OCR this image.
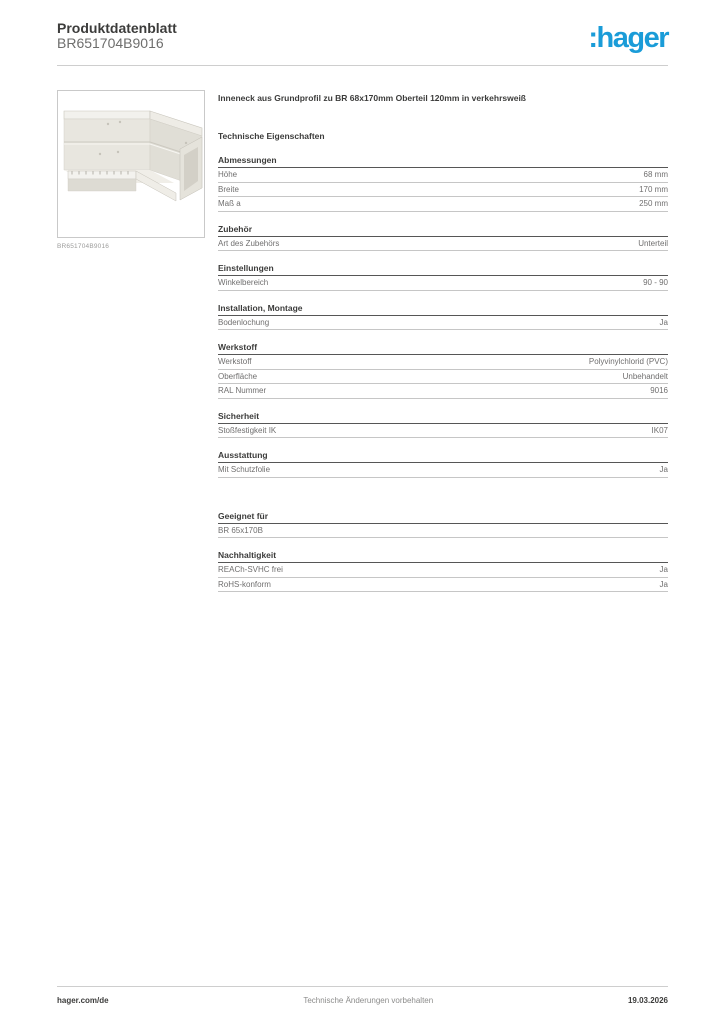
Produktdatenblatt
BR651704B9016	:hager
BR651704B9016

Inneneck aus Grundprofil zu BR 68x170mm Oberteil 120mm in verkehrsweiß

Technische Eigenschaften
Abmessungen
Höhe	68 mm
Breite	170 mm
Maß a	250 mm
Zubehör
Art des Zubehörs	Unterteil
Einstellungen
Winkelbereich	90 - 90
Installation, Montage
Bodenlochung	Ja
Werkstoff
Werkstoff	Polyvinylchlorid (PVC)
Oberfläche	Unbehandelt
RAL Nummer	9016
Sicherheit
Stoßfestigkeit IK	IK07
Ausstattung
Mit Schutzfolie	Ja
Geeignet für
BR 65x170B
Nachhaltigkeit
REACh-SVHC frei	Ja
RoHS-konform	Ja
hager.com/de	Technische Änderungen vorbehalten	19.03.2026
